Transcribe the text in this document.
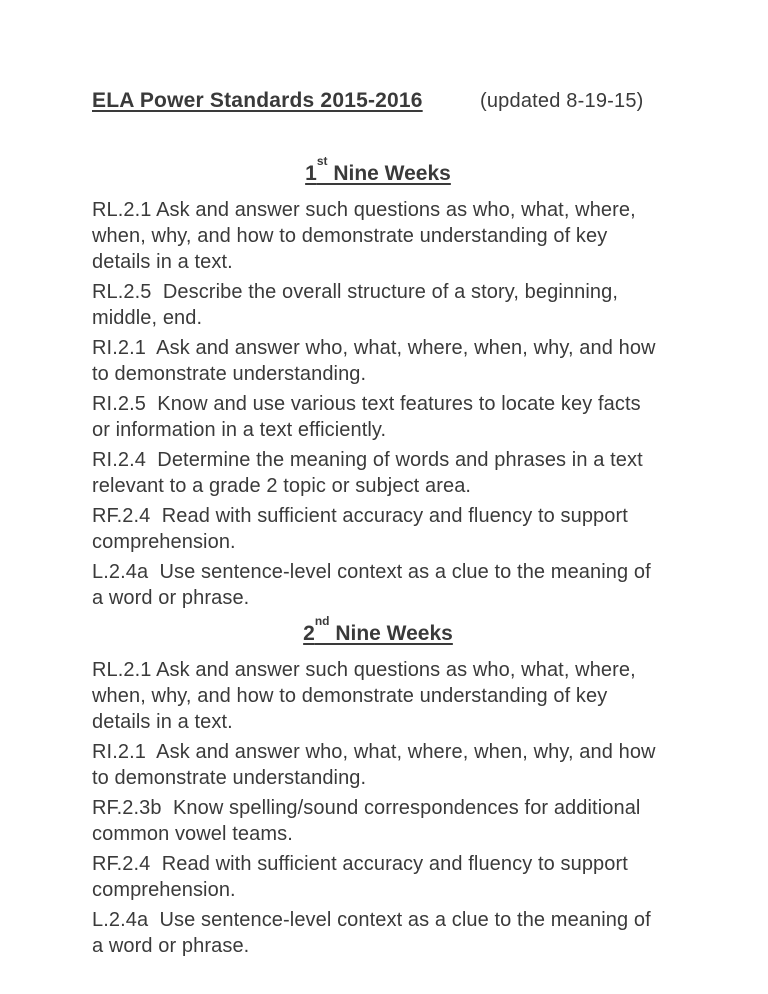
ELA Power Standards 2015-2016	(updated 8-19-15)
1st Nine Weeks

RL.2.1 Ask and answer such questions as who, what, where, when, why, and how to demonstrate understanding of key details in a text.

RL.2.5  Describe the overall structure of a story, beginning, middle, end.

RI.2.1  Ask and answer who, what, where, when, why, and how to demonstrate understanding.

RI.2.5  Know and use various text features to locate key facts or information in a text efficiently.

RI.2.4  Determine the meaning of words and phrases in a text relevant to a grade 2 topic or subject area.

RF.2.4  Read with sufficient accuracy and fluency to support comprehension.

L.2.4a  Use sentence-level context as a clue to the meaning of a word or phrase.

2nd Nine Weeks

RL.2.1 Ask and answer such questions as who, what, where, when, why, and how to demonstrate understanding of key details in a text.

RI.2.1  Ask and answer who, what, where, when, why, and how to demonstrate understanding.

RF.2.3b  Know spelling/sound correspondences for additional common vowel teams.

RF.2.4  Read with sufficient accuracy and fluency to support comprehension.

L.2.4a  Use sentence-level context as a clue to the meaning of a word or phrase.
